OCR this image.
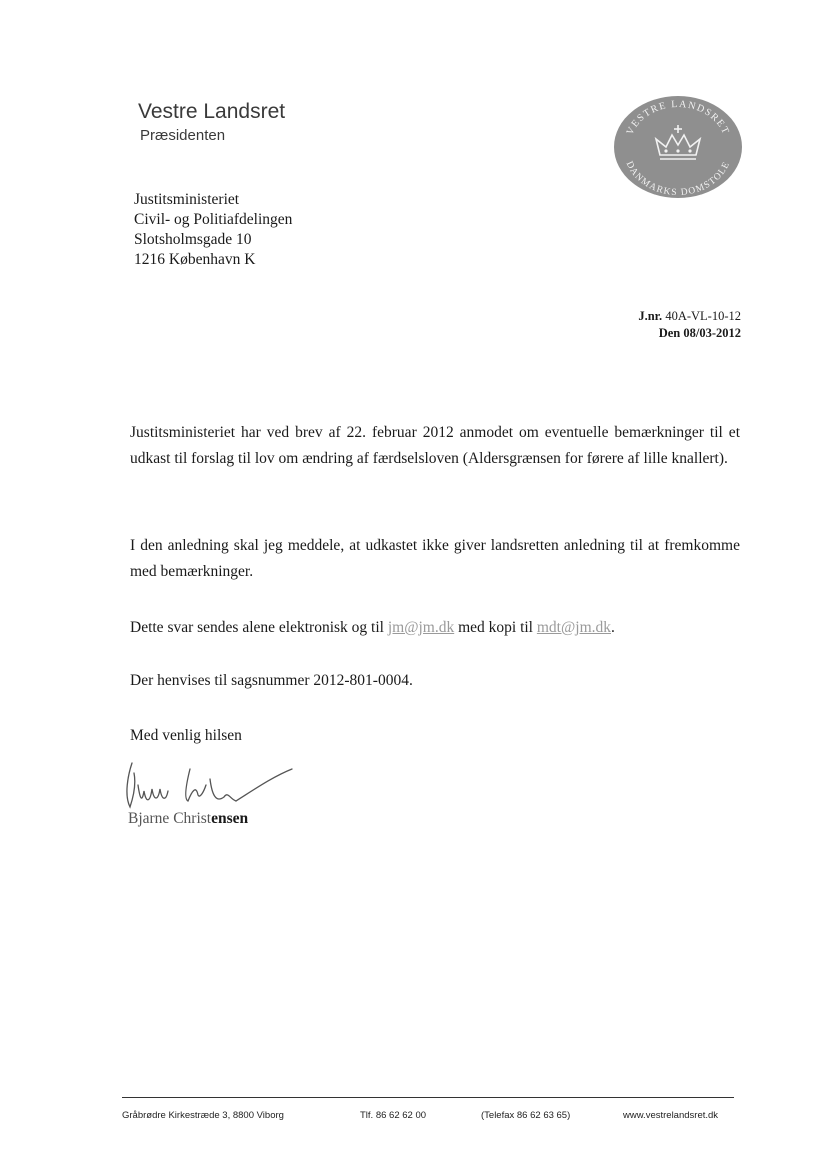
Vestre Landsret
Præsidenten	VESTRE LANDSRET
DANMARKS DOMSTOLE
Justitsministeriet
Civil- og Politiafdelingen
Slotsholmsgade 10
1216 København K
J.nr. 40A-VL-10-12
Den 08/03-2012
Justitsministeriet har ved brev af 22. februar 2012 anmodet om eventuelle bemærkninger til et udkast til forslag til lov om ændring af færdselsloven (Aldersgrænsen for førere af lille knallert).
I den anledning skal jeg meddele, at udkastet ikke giver landsretten anledning til at fremkomme med bemærkninger.
Dette svar sendes alene elektronisk og til jm@jm.dk med kopi til mdt@jm.dk.
Der henvises til sagsnummer 2012-801-0004.
Med venlig hilsen
Bjarne Christensen
Gråbrødre Kirkestræde 3, 8800 Viborg	Tlf. 86 62 62 00	(Telefax 86 62 63 65)	www.vestrelandsret.dk
